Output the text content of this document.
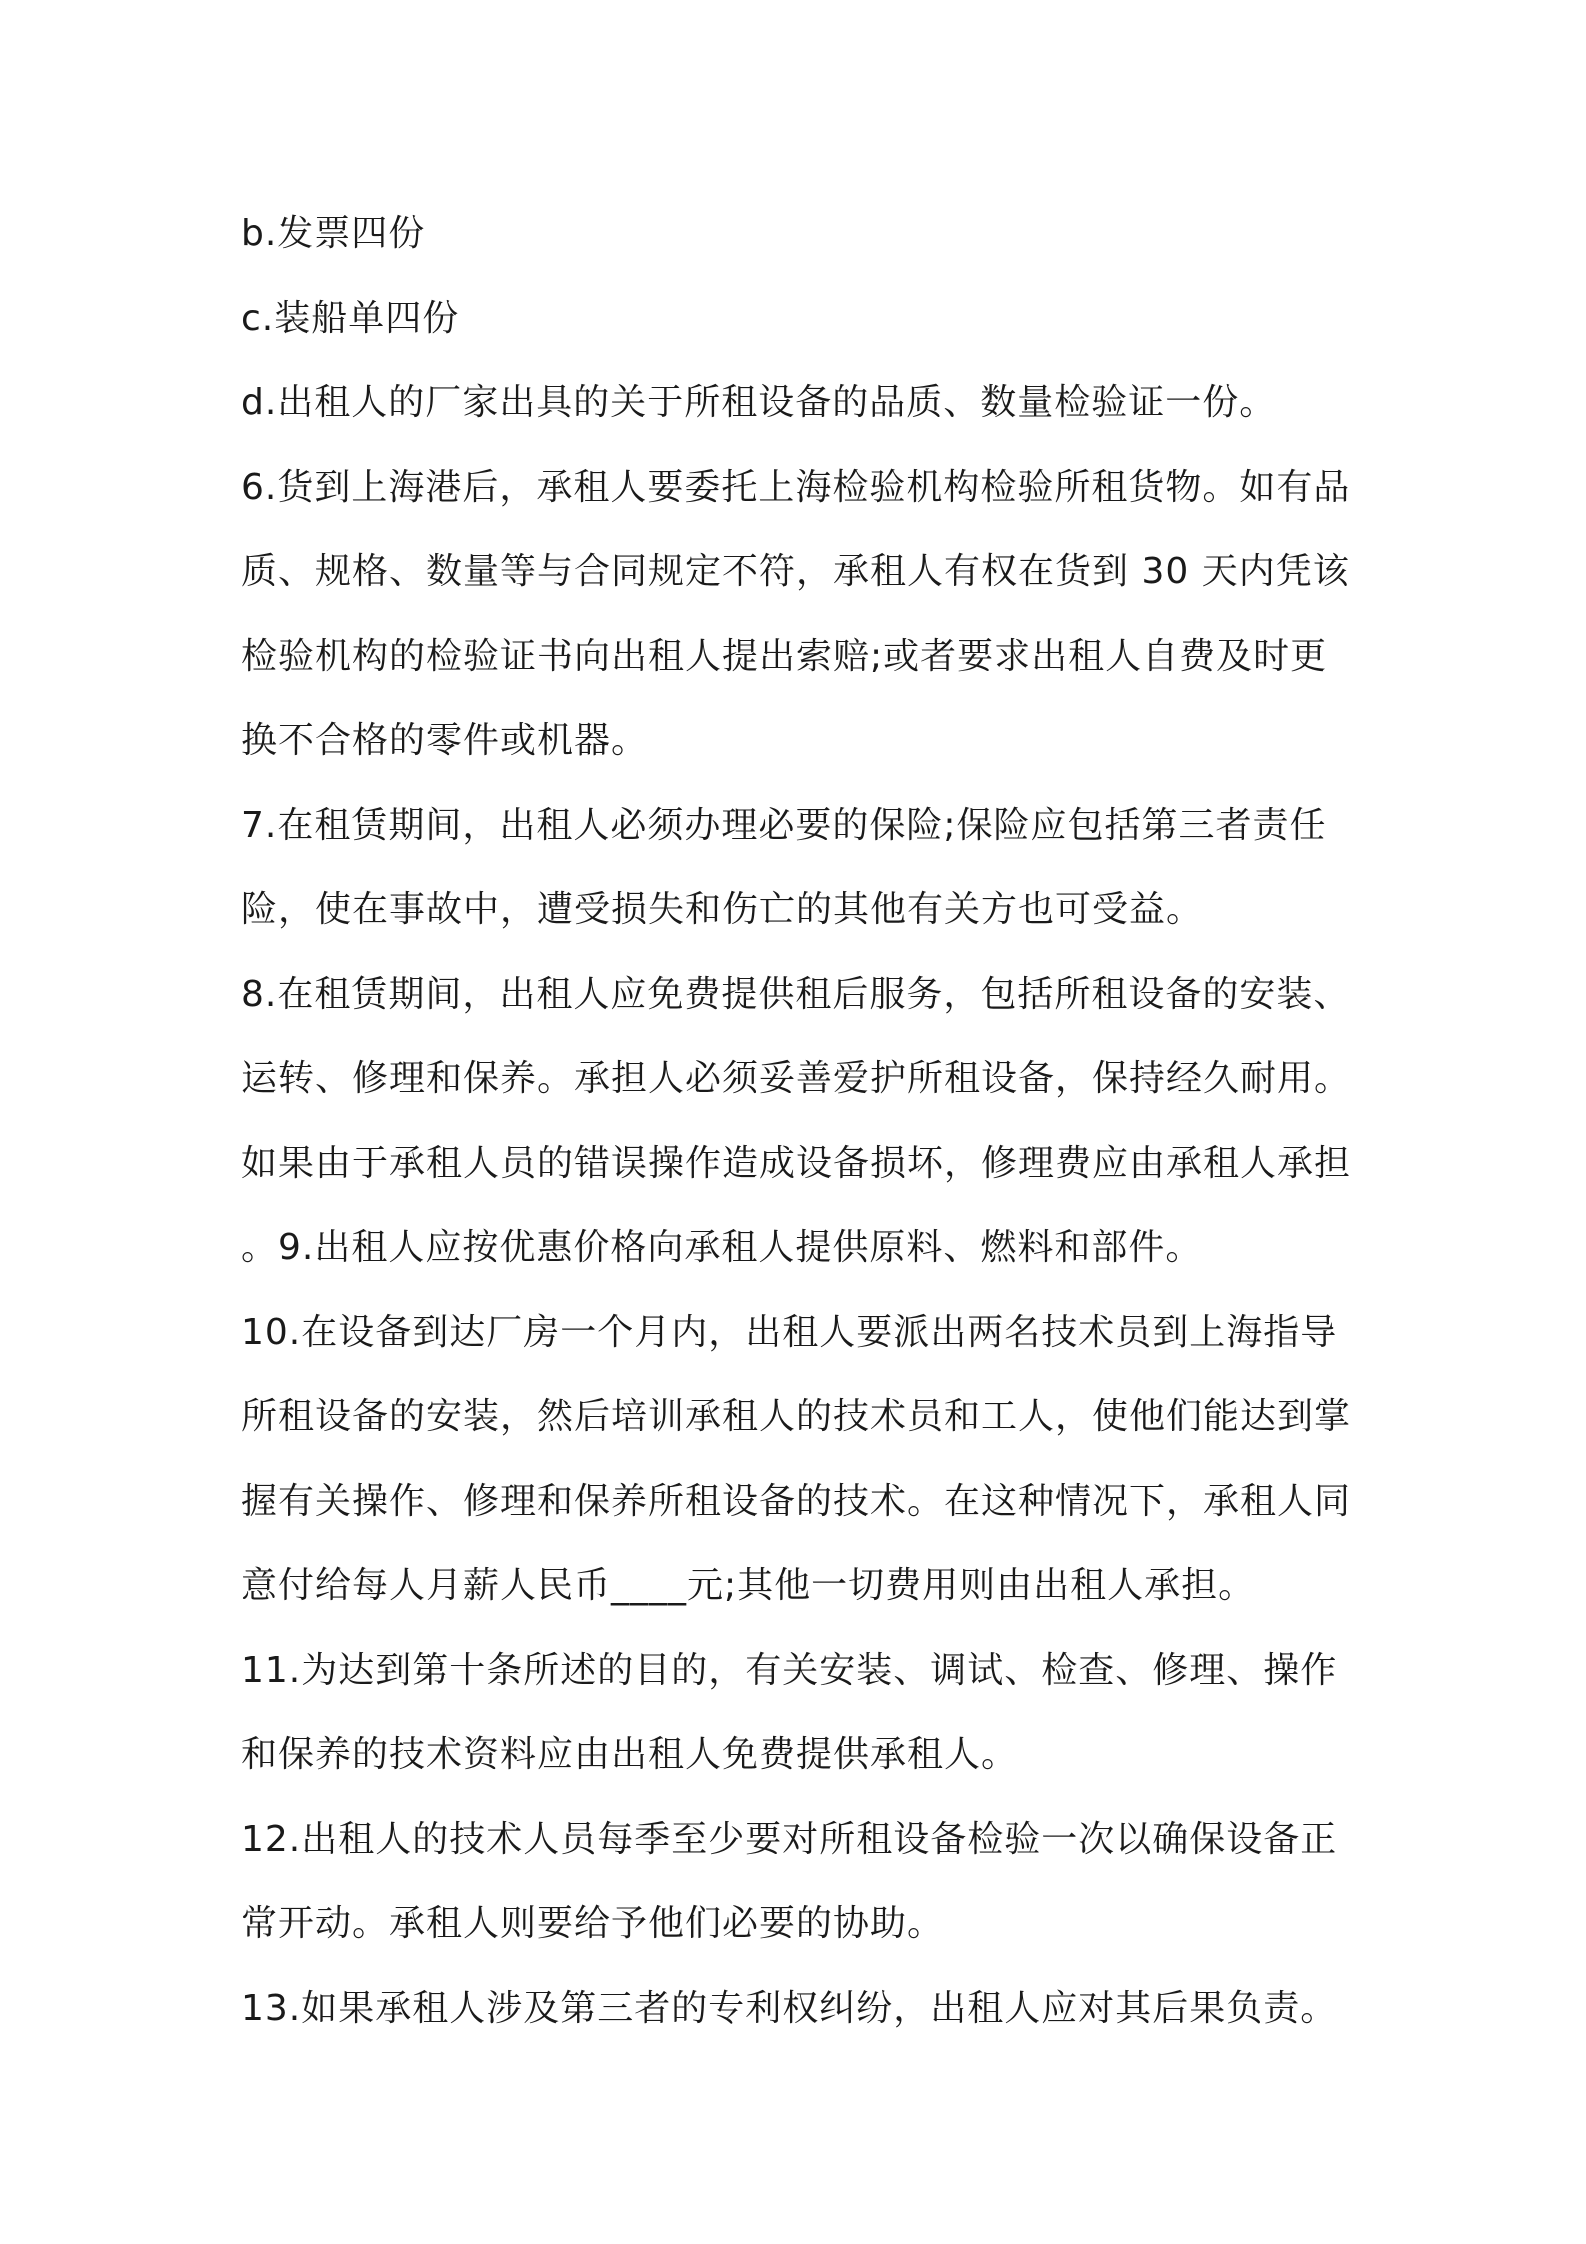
b.发票四份
c.装船单四份
d.出租人的厂家出具的关于所租设备的品质、数量检验证一份。
6.货到上海港后，承租人要委托上海检验机构检验所租货物。如有品
质、规格、数量等与合同规定不符，承租人有权在货到 30 天内凭该
检验机构的检验证书向出租人提出索赔;或者要求出租人自费及时更
换不合格的零件或机器。
7.在租赁期间，出租人必须办理必要的保险;保险应包括第三者责任
险，使在事故中，遭受损失和伤亡的其他有关方也可受益。
8.在租赁期间，出租人应免费提供租后服务，包括所租设备的安装、
运转、修理和保养。承担人必须妥善爱护所租设备，保持经久耐用。
如果由于承租人员的错误操作造成设备损坏，修理费应由承租人承担
。9.出租人应按优惠价格向承租人提供原料、燃料和部件。
10.在设备到达厂房一个月内，出租人要派出两名技术员到上海指导
所租设备的安装，然后培训承租人的技术员和工人，使他们能达到掌
握有关操作、修理和保养所租设备的技术。在这种情况下，承租人同
意付给每人月薪人民币____元;其他一切费用则由出租人承担。
11.为达到第十条所述的目的，有关安装、调试、检查、修理、操作
和保养的技术资料应由出租人免费提供承租人。
12.出租人的技术人员每季至少要对所租设备检验一次以确保设备正
常开动。承租人则要给予他们必要的协助。
13.如果承租人涉及第三者的专利权纠纷，出租人应对其后果负责。
